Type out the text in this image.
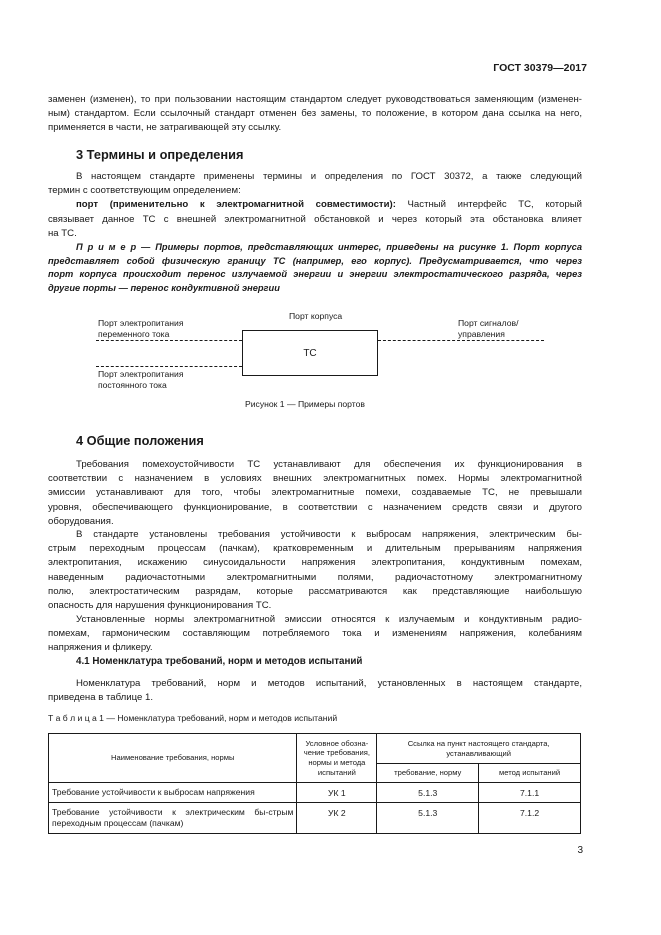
ГОСТ 30379—2017
заменен (изменен), то при пользовании настоящим стандартом следует руководствоваться заменяющим (изменен-
ным) стандартом. Если ссылочный стандарт отменен без замены, то положение, в котором дана ссылка на него,
применяется в части, не затрагивающей эту ссылку.
3 Термины и определения
В настоящем стандарте применены термины и определения по ГОСТ 30372, а также следующий
термин с соответствующим определением:
порт (применительно к электромагнитной совместимости): Частный интерфейс ТС, который
связывает данное ТС с внешней электромагнитной обстановкой и через который эта обстановка влияет
на ТС.
П р и м е р — Примеры портов, представляющих интерес, приведены на рисунке 1. Порт корпуса
представляет собой физическую границу ТС (например, его корпус). Предусматривается, что через
порт корпуса происходит перенос излучаемой энергии и энергии электростатического разряда, через
другие порты — перенос кондуктивной энергии
Порт корпуса
Порт электропитания
переменного тока
Порт сигналов/
управления
ТС
Порт электропитания
постоянного тока
Рисунок 1 — Примеры портов
4 Общие положения
Требования помехоустойчивости ТС устанавливают для обеспечения их функционирования в
соответствии с назначением в условиях внешних электромагнитных помех. Нормы электромагнитной
эмиссии устанавливают для того, чтобы электромагнитные помехи, создаваемые ТС, не превышали
уровня, обеспечивающего функционирование, в соответствии с назначением средств связи и другого
оборудования.
В стандарте установлены требования устойчивости к выбросам напряжения, электрическим бы-
стрым переходным процессам (пачкам), кратковременным и длительным прерываниям напряжения
электропитания, искажению синусоидальности напряжения электропитания, кондуктивным помехам,
наведенным радиочастотными электромагнитными полями, радиочастотному электромагнитному
полю, электростатическим разрядам, которые рассматриваются как представляющие наибольшую
опасность для нарушения функционирования ТС.
Установленные нормы электромагнитной эмиссии относятся к излучаемым и кондуктивным радио-
помехам, гармоническим составляющим потребляемого тока и изменениям напряжения, колебаниям
напряжения и фликеру.
4.1 Номенклатура требований, норм и методов испытаний
Номенклатура требований, норм и методов испытаний, установленных в настоящем стандарте,
приведена в таблице 1.
Т а б л и ц а 1 — Номенклатура требований, норм и методов испытаний
Наименование требования, нормы	Условное обозна-чение требования, нормы и метода испытаний	Ссылка на пункт настоящего стандарта, устанавливающий	
		требование, норму	метод испытаний
Требование устойчивости к выбросам напряжения	УК 1	5.1.3	7.1.1
Требование устойчивости к электрическим бы-стрым переходным процессам (пачкам)	УК 2	5.1.3	7.1.2
3
